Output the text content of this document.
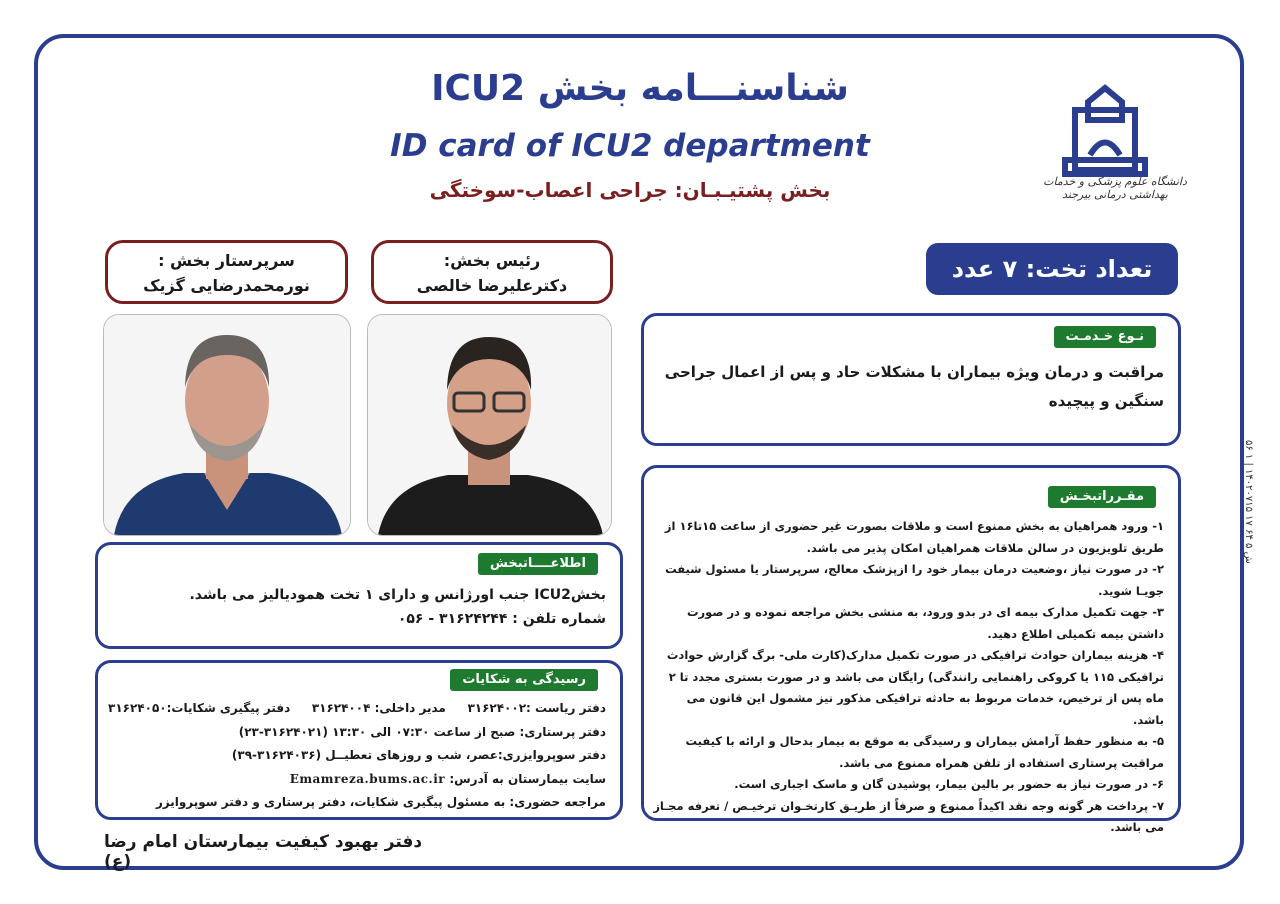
شناسنـــامه بخش ICU2
ID card of ICU2 department
بخش پشتیـبـان: جراحی اعصاب-سوختگی	دانشگاه علوم پزشکی و خدمات بهداشتی درمانی بیرجند
۵۶ ۱ | ۱۴۰۲۰۷۱۵ ۱۷ ۶۴ ۵ ش
تعداد تخت: ۷ عدد
رئیس بخش:
دکترعلیرضا خالصی
سرپرستار بخش :
نورمحمدرضایی گزیک
نـوع خـدمـت
مراقبت و درمان ویژه بیماران با مشکلات حاد و پس از اعمال جراحی سنگین و پیچیده
مقـرراتبخـش
۱- ورود همراهیان به بخش ممنوع است و ملاقات بصورت غیر حضوری از ساعت ۱۵تا۱۶ از طریق تلویزیون در سالن ملاقات همراهیان امکان پذیر می باشد.
۲- در صورت نیاز ،وضعیت درمان بیمار خود را ازپزشک معالج، سرپرستار یا مسئول شیفت جویـا شوید.
۳- جهت تکمیل مدارک بیمه ای در بدو ورود، به منشی بخش مراجعه نموده و در صورت داشتن بیمه تکمیلی اطلاع دهید.
۴- هزینه بیماران حوادث ترافیکی در صورت تکمیل مدارک(کارت ملی- برگ گزارش حوادث ترافیکی ۱۱۵ یا کروکی راهنمایی رانندگی) رایگان می باشد و در صورت بستری مجدد تا ۲ ماه پس از ترخیص، خدمات مربوط به حادثه ترافیکی مذکور نیز مشمول این قانون می باشد.
۵- به منظور حفظ آرامش بیماران و رسیدگی به موقع به بیمار بدحال و ارائه با کیفیت مراقبت پرستاری استفاده از تلفن همراه ممنوع می باشد.
۶- در صورت نیاز به حضور بر بالین بیمار، پوشیدن گان و ماسک اجباری است.
۷- پرداخت هر گونه وجه نقد اکیداً ممنوع و صرفاً از طریـق کارتخـوان ترخیـص / تعرفه مجـاز می باشد.
اطلاعــــاتبخش
بخشICU2 جنب اورژانس و دارای ۱ تخت همودیالیز می باشد.
شماره تلفن : ۳۱۶۲۴۲۴۴ - ۰۵۶
رسیدگی به شکایات
دفتر ریاست :۳۱۶۲۴۰۰۲
مدیر داخلی: ۳۱۶۲۴۰۰۴
دفتر پیگیری شکایات:۳۱۶۲۴۰۵۰
دفتر پرستاری: صبح از ساعت ۰۷:۳۰ الی ۱۳:۳۰ (۳۱۶۲۴۰۲۱-۲۳)
دفتر سوپروایزری:عصر، شب و روزهای تعطیــل (۳۱۶۲۴۰۳۶-۳۹)
سایت بیمارستان به آدرس: Emamreza.bums.ac.ir
مراجعه حضوری: به مسئول پیگیری شکایات، دفتر پرستاری و دفتر سوپروایزر
دفتر بهبود کیفیت بیمارستان امام رضا (ع)
